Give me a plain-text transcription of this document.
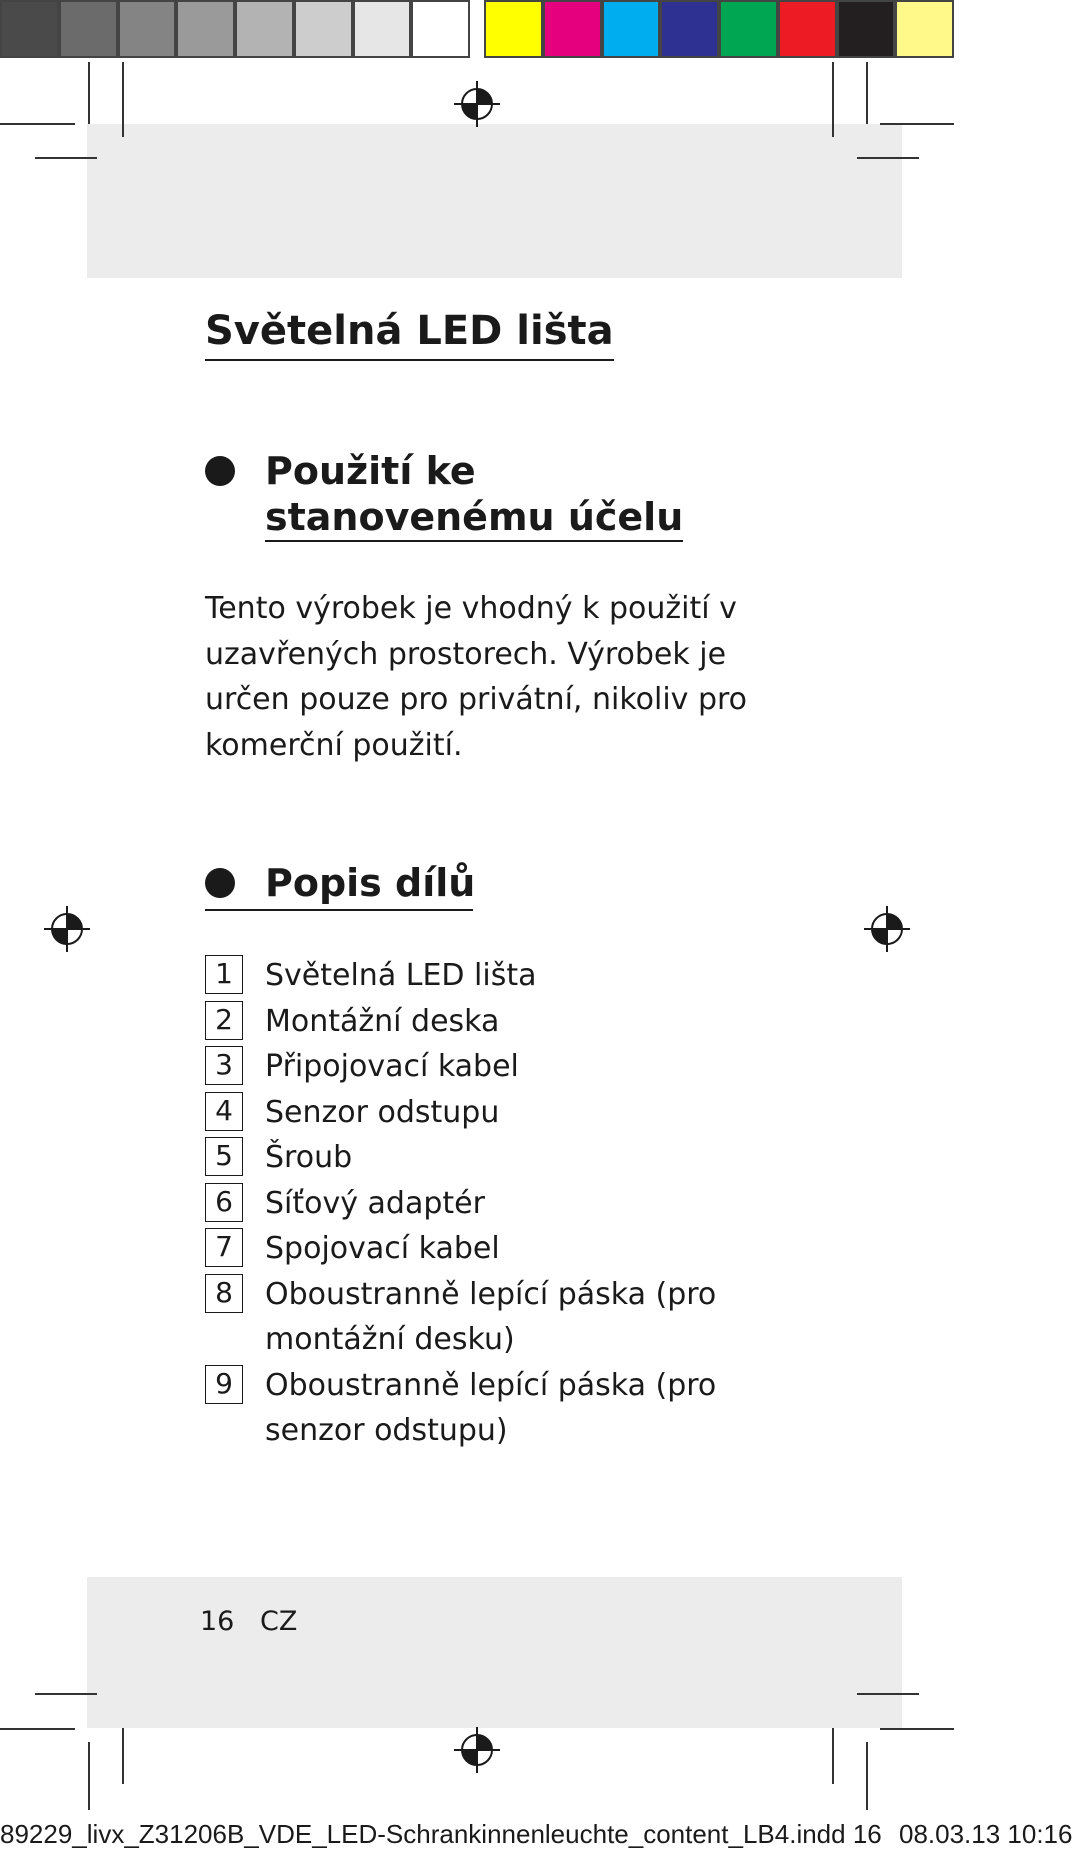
Světelná LED lišta
Použití ke
stanovenému účelu

Tento výrobek je vhodný k použití v uzavřených prostorech. Výrobek je určen pouze pro privátní, nikoliv pro komerční použití.

Popis dílů
1	Světelná LED lišta
2	Montážní deska
3	Připojovací kabel
4	Senzor odstupu
5	Šroub
6	Síťový adaptér
7	Spojovací kabel
8	Oboustranně lepící páska (pro montážní desku)
9	Oboustranně lepící páska (pro senzor odstupu)
16 CZ
89229_livx_Z31206B_VDE_LED-Schrankinnenleuchte_content_LB4.indd 16 08.03.13 10:16
